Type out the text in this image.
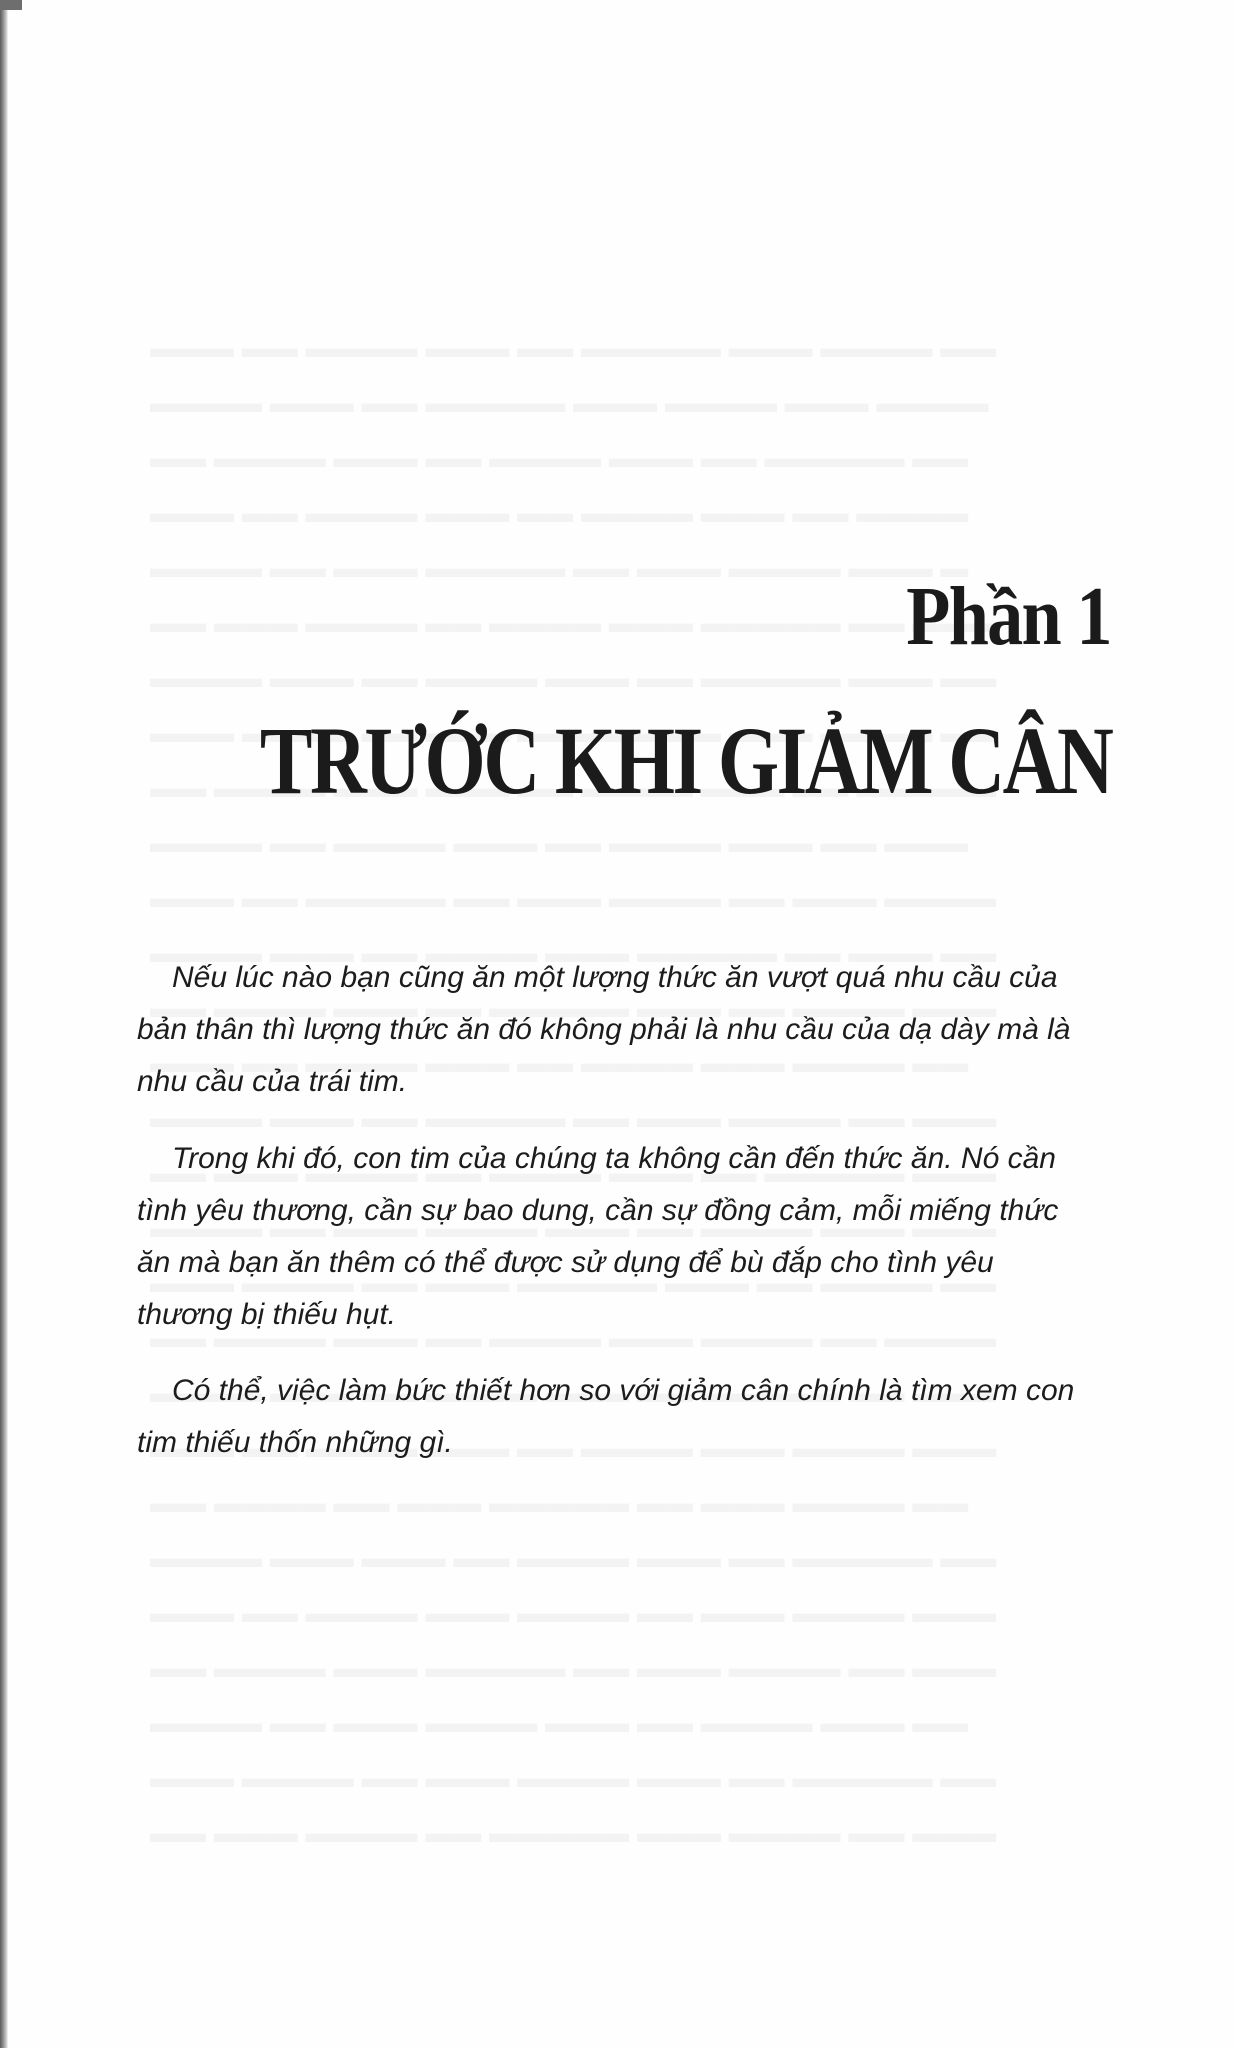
Phần 1
TRƯỚC KHI GIẢM CÂN

Nếu lúc nào bạn cũng ăn một lượng thức ăn vượt quá nhu cầu của bản thân thì lượng thức ăn đó không phải là nhu cầu của dạ dày mà là nhu cầu của trái tim.

Trong khi đó, con tim của chúng ta không cần đến thức ăn. Nó cần tình yêu thương, cần sự bao dung, cần sự đồng cảm, mỗi miếng thức ăn mà bạn ăn thêm có thể được sử dụng để bù đắp cho tình yêu thương bị thiếu hụt.

Có thể, việc làm bức thiết hơn so với giảm cân chính là tìm xem con tim thiếu thốn những gì.
